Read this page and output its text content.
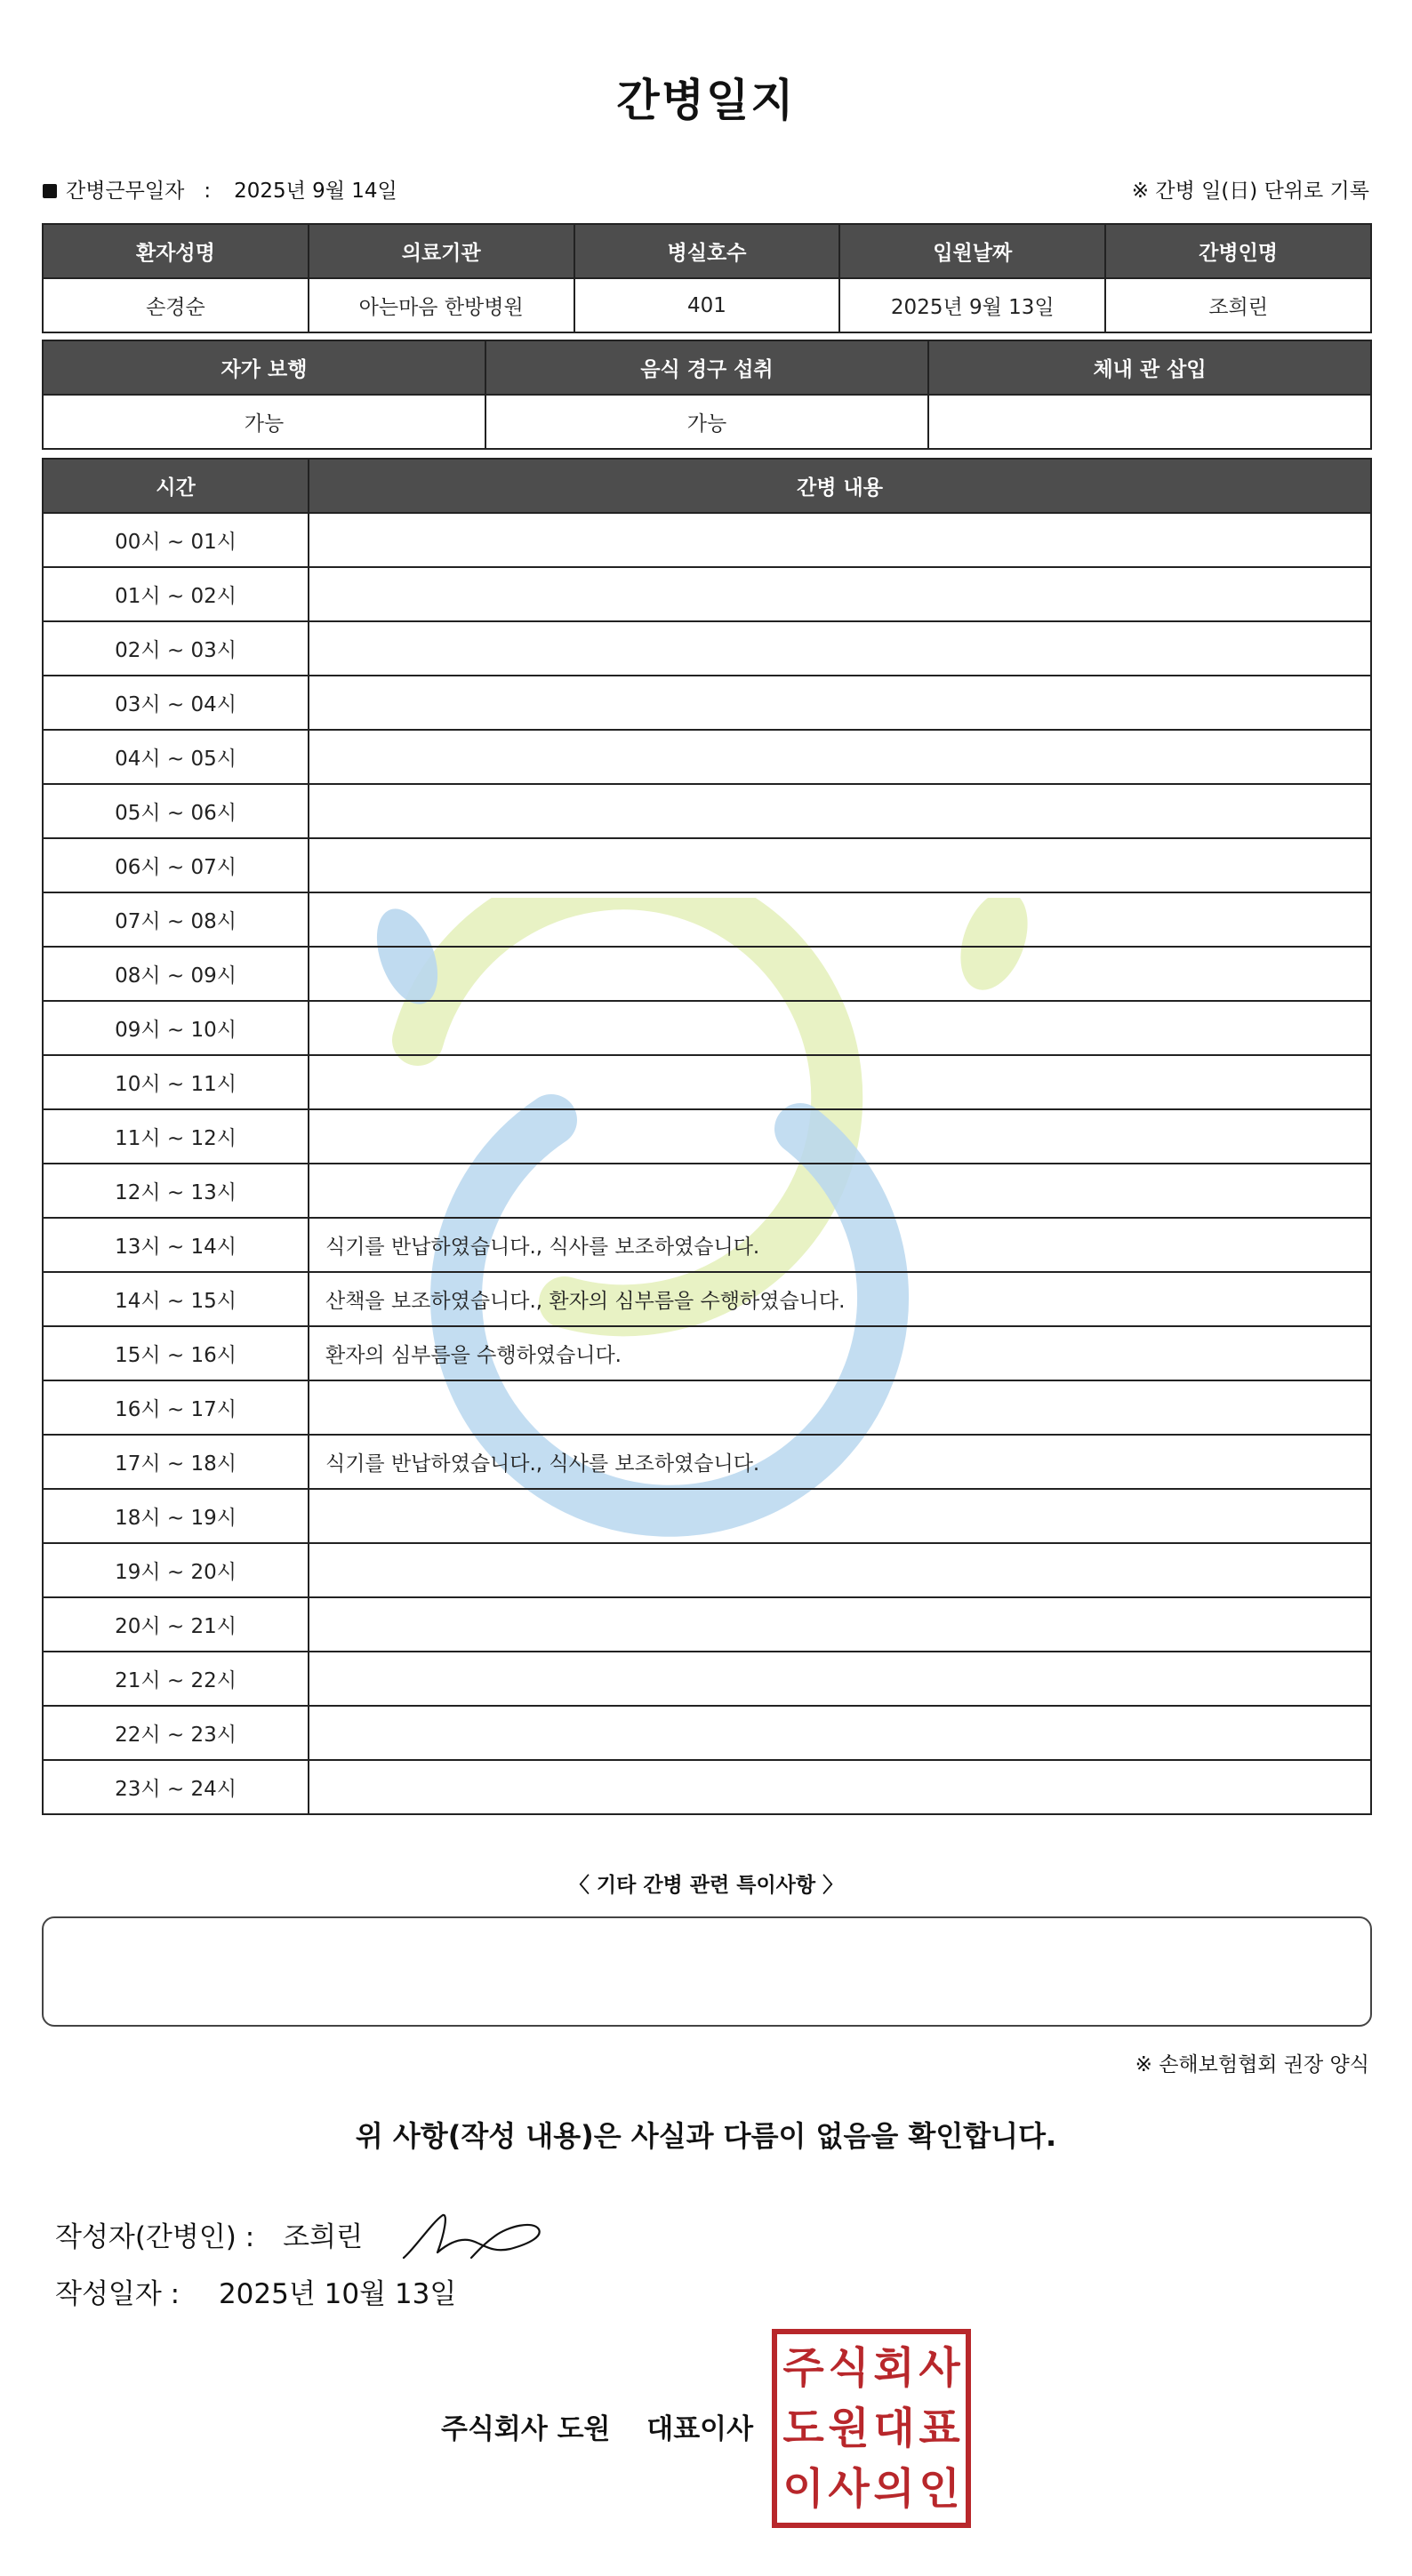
간병일지
간병근무일자 : 2025년 9월 14일	※ 간병 일(日) 단위로 기록
환자성명	의료기관	병실호수	입원날짜	간병인명
손경순	아는마음 한방병원	401	2025년 9월 13일	조희린
자가 보행	음식 경구 섭취	체내 관 삽입
가능	가능	
시간	간병 내용
00시 ~ 01시	
01시 ~ 02시	
02시 ~ 03시	
03시 ~ 04시	
04시 ~ 05시	
05시 ~ 06시	
06시 ~ 07시	
07시 ~ 08시	
08시 ~ 09시	
09시 ~ 10시	
10시 ~ 11시	
11시 ~ 12시	
12시 ~ 13시	
13시 ~ 14시	식기를 반납하였습니다., 식사를 보조하였습니다.
14시 ~ 15시	산책을 보조하였습니다., 환자의 심부름을 수행하였습니다.
15시 ~ 16시	환자의 심부름을 수행하였습니다.
16시 ~ 17시	
17시 ~ 18시	식기를 반납하였습니다., 식사를 보조하였습니다.
18시 ~ 19시	
19시 ~ 20시	
20시 ~ 21시	
21시 ~ 22시	
22시 ~ 23시	
23시 ~ 24시	
〈 기타 간병 관련 특이사항 〉
※ 손해보험협회 권장 양식
위 사항(작성 내용)은 사실과 다름이 없음을 확인합니다.
작성자(간병인) : 조희린
작성일자 : 2025년 10월 13일
주식회사 도원 대표이사
주 식 회 사
도 원 대 표
이 사 의 인
